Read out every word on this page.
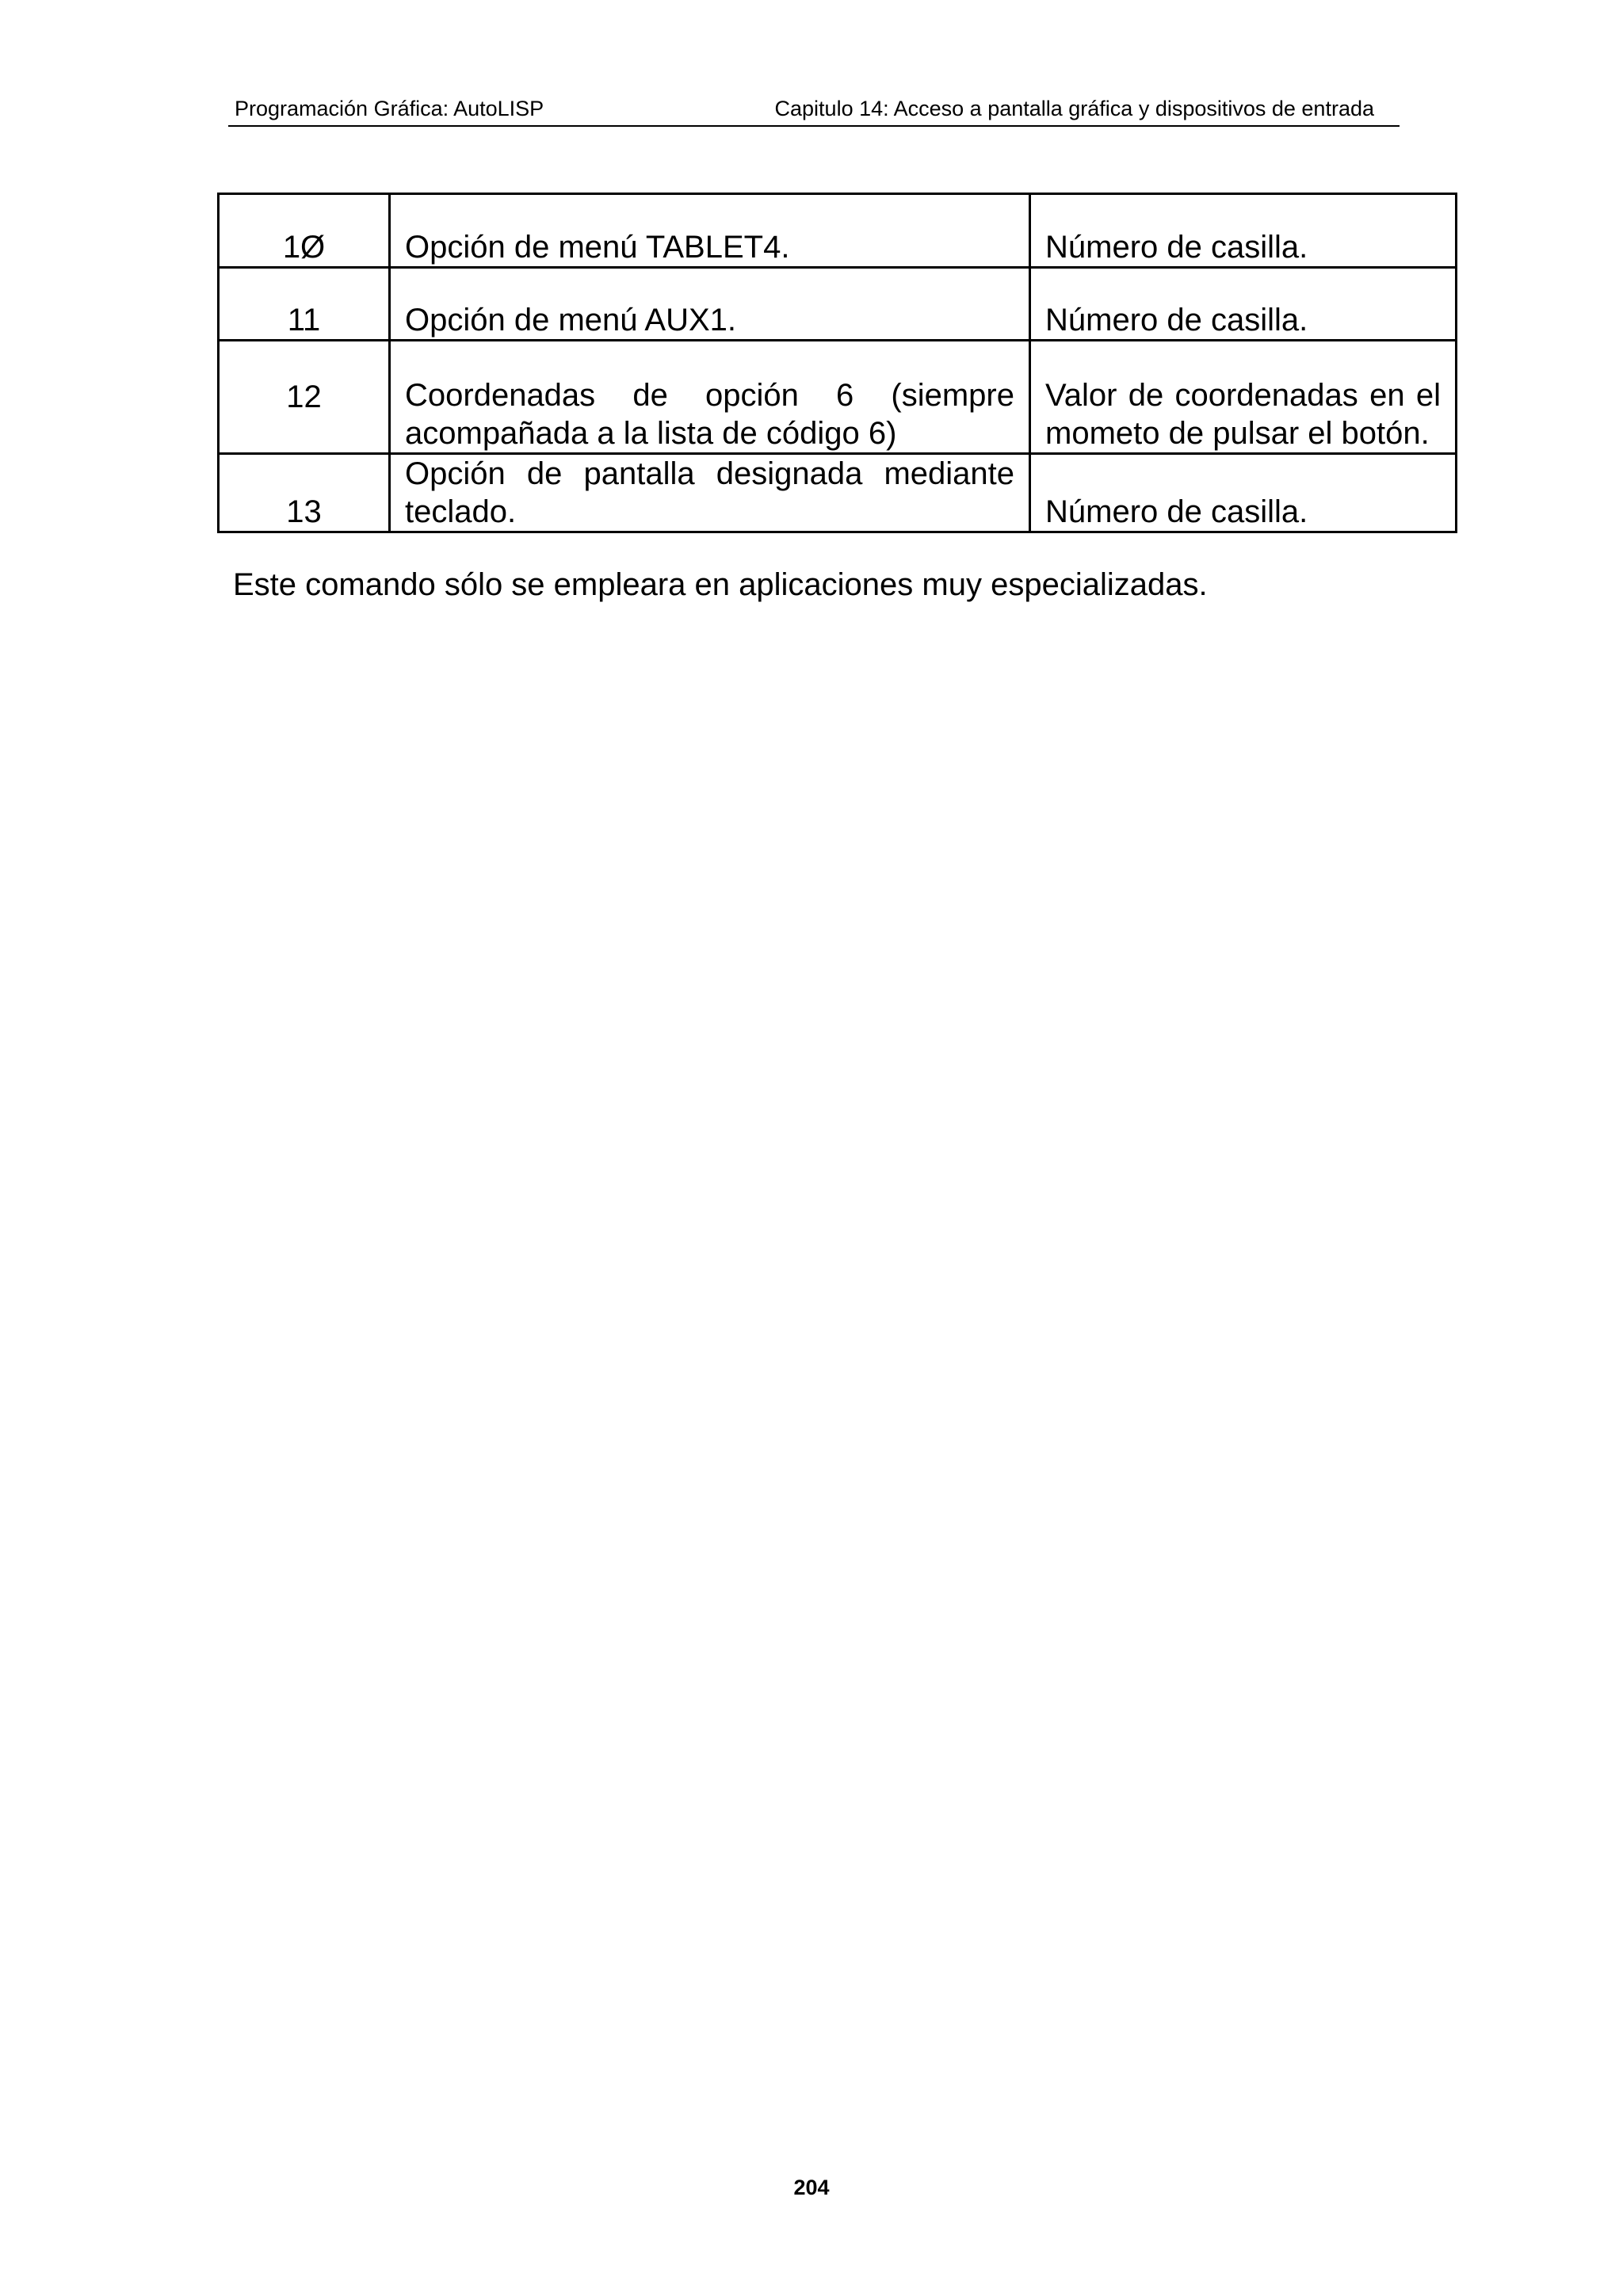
Programación Gráfica: AutoLISP	Capitulo 14: Acceso a pantalla gráfica y dispositivos de entrada
1Ø	Opción de menú TABLET4.	Número de casilla.
11	Opción de menú AUX1.	Número de casilla.
12	Coordenadas de opción 6 (siempre acompañada a la lista de código 6)	Valor de coordenadas en el mometo de pulsar el botón.
13	Opción de pantalla designada mediante teclado.	Número de casilla.
Este comando sólo se empleara en aplicaciones muy especializadas.
204
